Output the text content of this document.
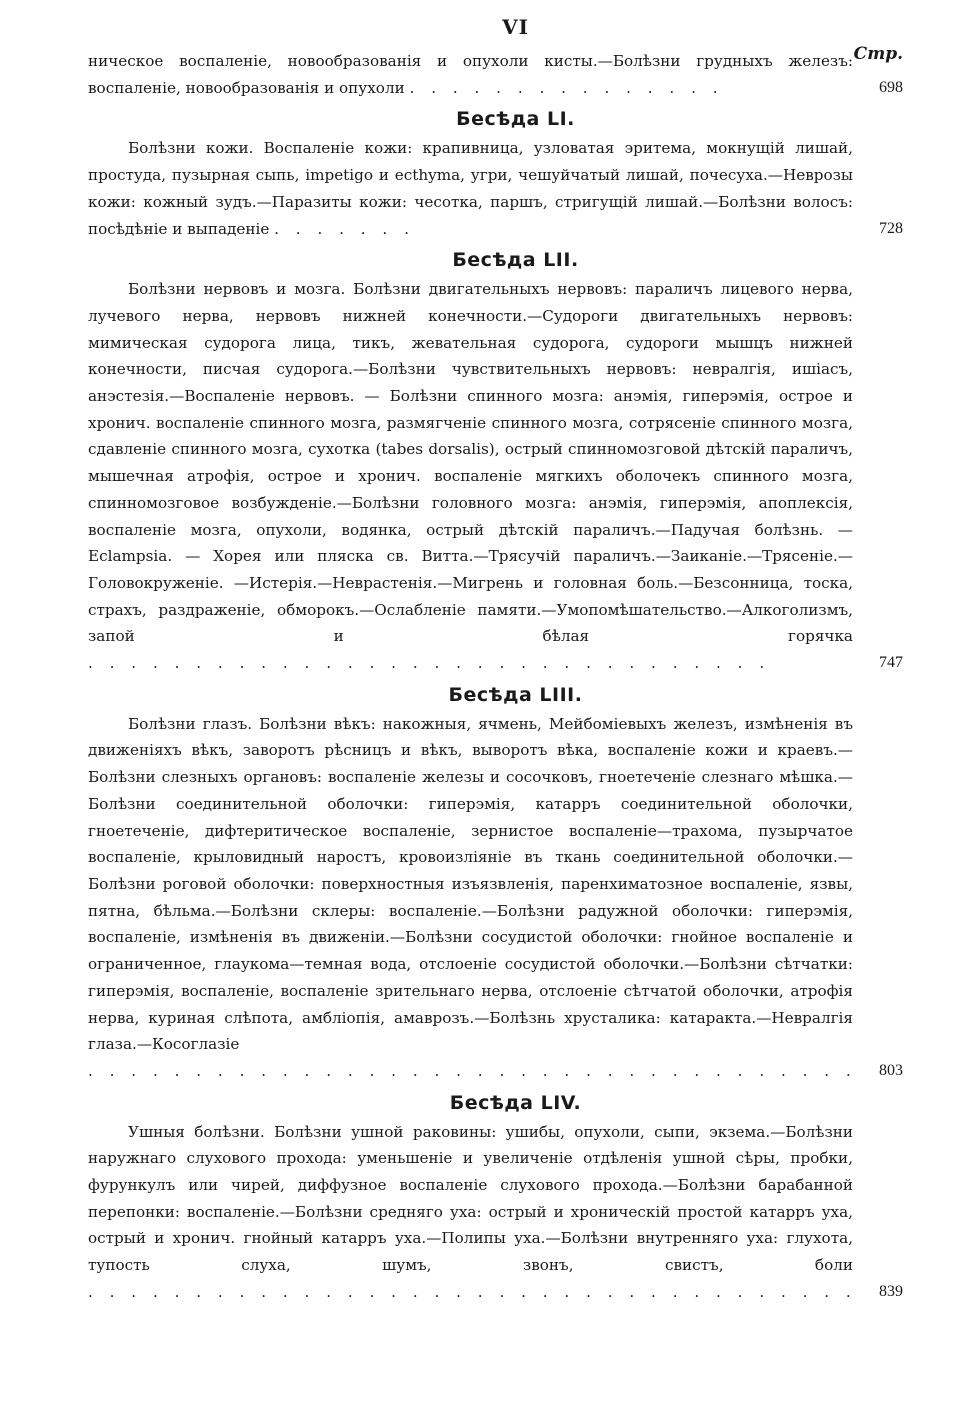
VI
Стр.

ническое воспаленіе, новообразованія и опухоли кисты.—Болѣзни грудныхъ железъ: воспаленіе, новообразованія и опухоли . . . . . . . . . . . . . . .	698
Бесѣда LI.

Болѣзни кожи. Воспаленіе кожи: крапивница, узловатая эритема, мокнущій лишай, простуда, пузырная сыпь, impetigo и ecthyma, угри, чешуйчатый лишай, почесуха.—Неврозы кожи: кожный зудъ.—Паразиты кожи: чесотка, паршъ, стригущій лишай.—Болѣзни волосъ: посѣдѣніе и выпаденіе . . . . . . .	728
Бесѣда LII.

Болѣзни нервовъ и мозга. Болѣзни двигательныхъ нервовъ: параличъ лицевого нерва, лучевого нерва, нервовъ нижней конечности.—Судороги двигательныхъ нервовъ: мимическая судорога лица, тикъ, жевательная судорога, судороги мышцъ нижней конечности, писчая судорога.—Болѣзни чувствительныхъ нервовъ: невралгія, ишіасъ, анэстезія.—Воспаленіе нервовъ. — Болѣзни спинного мозга: анэмія, гиперэмія, острое и хронич. воспаленіе спинного мозга, размягченіе спинного мозга, сотрясеніе спинного мозга, сдавленіе спинного мозга, сухотка (tabes dorsalis), острый спинномозговой дѣтскій параличъ, мышечная атрофія, острое и хронич. воспаленіе мягкихъ оболочекъ спинного мозга, спинномозговое возбужденіе.—Болѣзни головного мозга: анэмія, гиперэмія, апоплексія, воспаленіе мозга, опухоли, водянка, острый дѣтскій параличъ.—Падучая болѣзнь. — Eclampsia. — Хорея или пляска св. Витта.—Трясучій параличъ.—Заиканіе.—Трясеніе.—Головокруженіе. —Истерія.—Неврастенія.—Мигрень и головная боль.—Безсонница, тоска, страхъ, раздраженіе, обморокъ.—Ослабленіе памяти.—Умопомѣшательство.—Алкоголизмъ, запой и бѣлая горячка . . . . . . . . . . . . . . . . . . . . . . . . . . . . . . . .	747
Бесѣда LIII.

Болѣзни глазъ. Болѣзни вѣкъ: накожныя, ячмень, Мейбоміевыхъ железъ, измѣненія въ движеніяхъ вѣкъ, заворотъ рѣсницъ и вѣкъ, выворотъ вѣка, воспаленіе кожи и краевъ.—Болѣзни слезныхъ органовъ: воспаленіе железы и сосочковъ, гноетеченіе слезнаго мѣшка.—Болѣзни соединительной оболочки: гиперэмія, катарръ соединительной оболочки, гноетеченіе, дифтеритическое воспаленіе, зернистое воспаленіе—трахома, пузырчатое воспаленіе, крыловидный наростъ, кровоизліяніе въ ткань соединительной оболочки.—Болѣзни роговой оболочки: поверхностныя изъязвленія, паренхиматозное воспаленіе, язвы, пятна, бѣльма.—Болѣзни склеры: воспаленіе.—Болѣзни радужной оболочки: гиперэмія, воспаленіе, измѣненія въ движеніи.—Болѣзни сосудистой оболочки: гнойное воспаленіе и ограниченное, глаукома—темная вода, отслоеніе сосудистой оболочки.—Болѣзни сѣтчатки: гиперэмія, воспаленіе, воспаленіе зрительнаго нерва, отслоеніе сѣтчатой оболочки, атрофія нерва, куриная слѣпота, амбліопія, амаврозъ.—Болѣзнь хрусталика: катаракта.—Невралгія глаза.—Косоглазіе . . . . . . . . . . . . . . . . . . . . . . . . . . . . . . . . . . . .	803
Бесѣда LIV.

Ушныя болѣзни. Болѣзни ушной раковины: ушибы, опухоли, сыпи, экзема.—Болѣзни наружнаго слухового прохода: уменьшеніе и увеличеніе отдѣленія ушной сѣры, пробки, фурункулъ или чирей, диффузное воспаленіе слухового прохода.—Болѣзни барабанной перепонки: воспаленіе.—Болѣзни средняго уха: острый и хроническій простой катарръ уха, острый и хронич. гнойный катарръ уха.—Полипы уха.—Болѣзни внутренняго уха: глухота, тупость слуха, шумъ, звонъ, свистъ, боли . . . . . . . . . . . . . . . . . . . . . . . . . . . . . . . . . . . .	839
